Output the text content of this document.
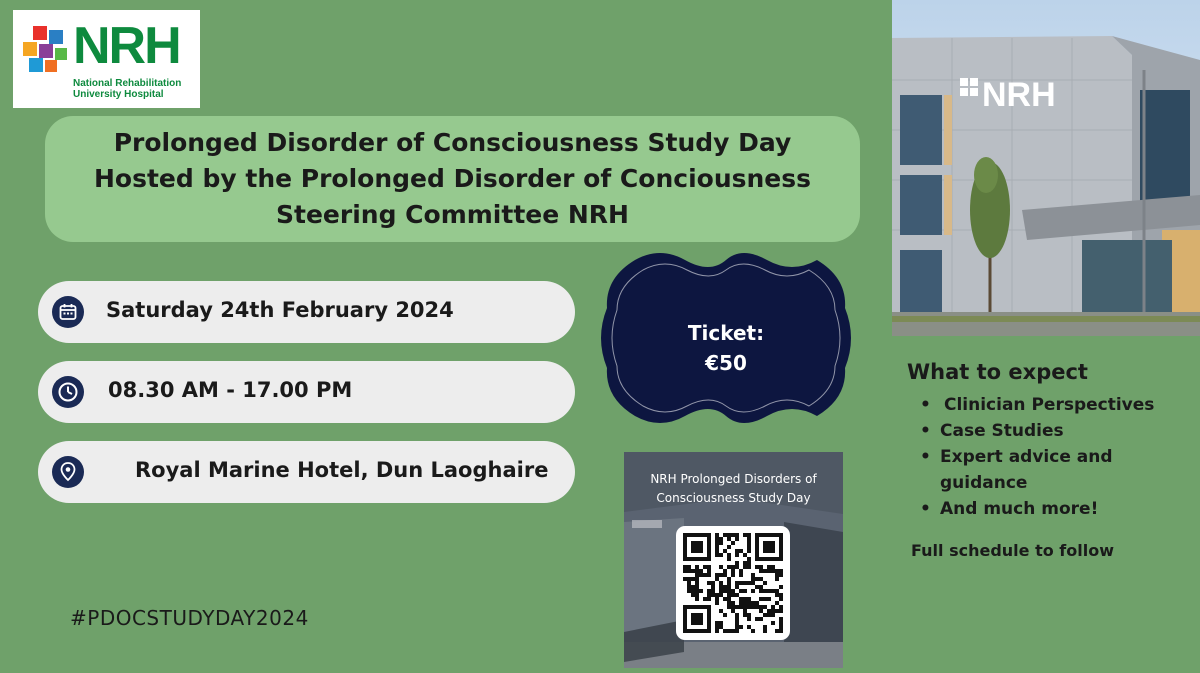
NRH
National Rehabilitation
University Hospital
Prolonged Disorder of Consciousness Study Day
Hosted by the Prolonged Disorder of Conciousness
Steering Committee NRH
Saturday 24th February 2024
08.30 AM - 17.00 PM
Royal Marine Hotel, Dun Laoghaire
Ticket:
€50
NRH Prolonged Disorders of
Consciousness Study Day
NRH
What to expect
• Clinician Perspectives
• Case Studies
• Expert advice and guidance
• And much more!
Full schedule to follow
#PDOCSTUDYDAY2024
